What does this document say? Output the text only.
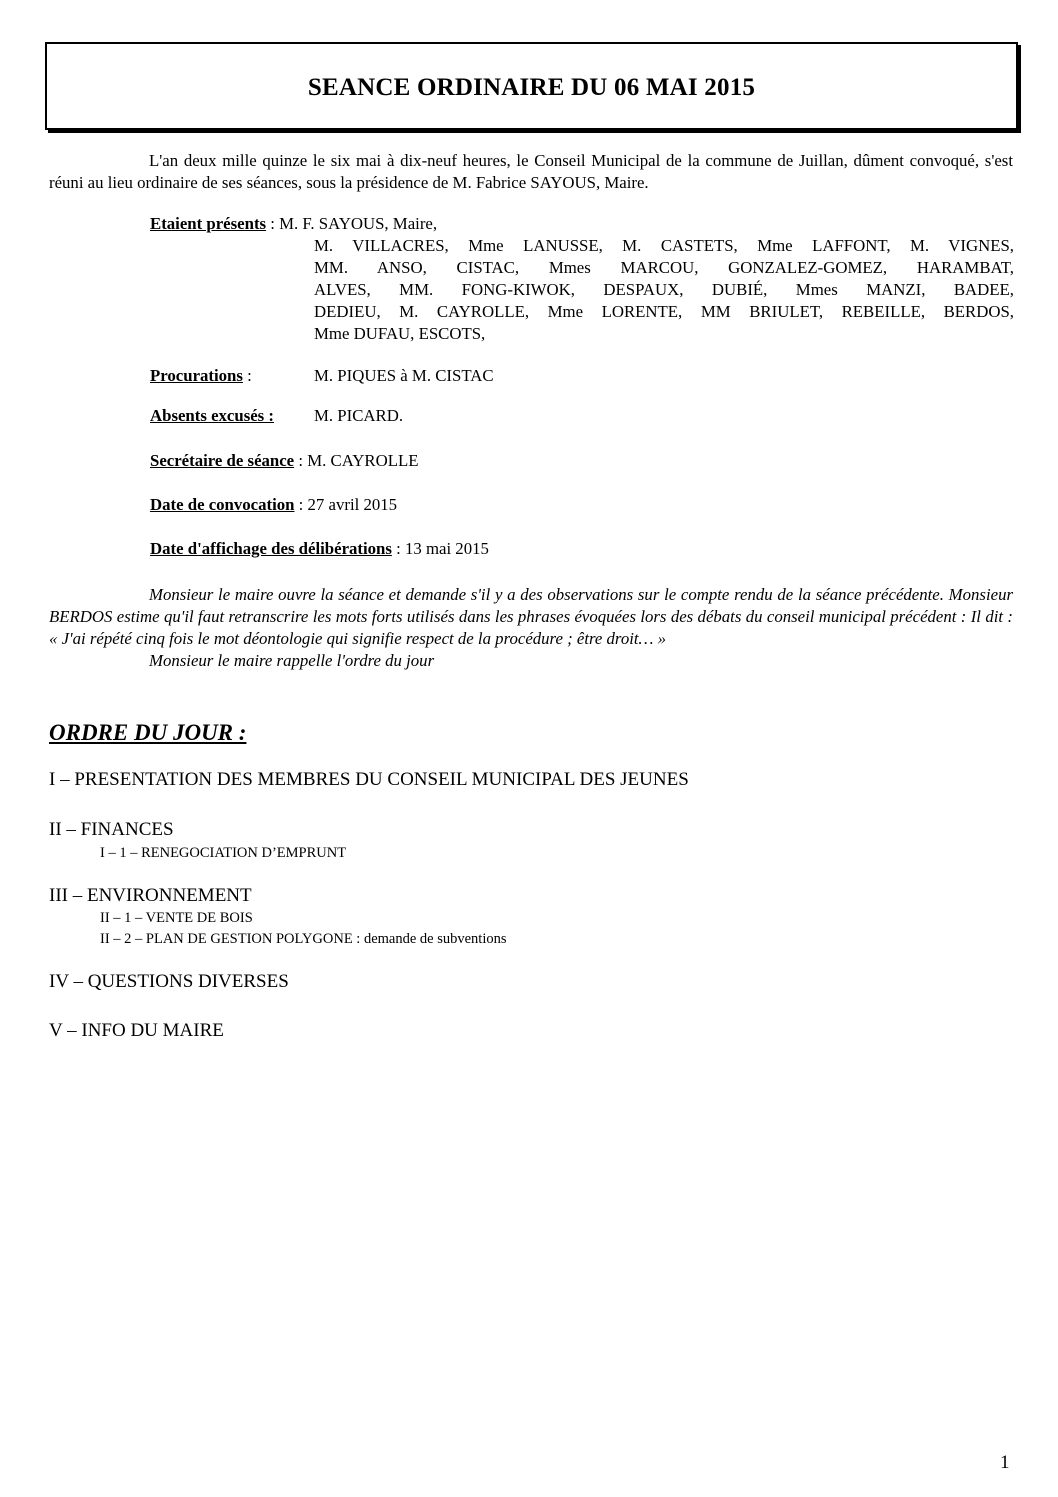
SEANCE ORDINAIRE DU 06 MAI 2015
L'an deux mille quinze le six mai à dix-neuf heures, le Conseil Municipal de la commune de Juillan, dûment convoqué, s'est réuni au lieu ordinaire de ses séances, sous la présidence de M. Fabrice SAYOUS, Maire.
Etaient présents : M. F. SAYOUS, Maire,
M. VILLACRES, Mme LANUSSE, M. CASTETS, Mme LAFFONT, M. VIGNES,
MM. ANSO, CISTAC, Mmes MARCOU, GONZALEZ-GOMEZ, HARAMBAT,
ALVES, MM. FONG-KIWOK, DESPAUX, DUBIÉ, Mmes MANZI, BADEE,
DEDIEU, M. CAYROLLE, Mme LORENTE, MM BRIULET, REBEILLE, BERDOS,
Mme DUFAU, ESCOTS,
Procurations :	M. PIQUES à M. CISTAC
Absents excusés : M. PICARD.
Secrétaire de séance : M. CAYROLLE
Date de convocation : 27 avril 2015
Date d'affichage des délibérations : 13 mai 2015
Monsieur le maire ouvre la séance et demande s'il y a des observations sur le compte rendu de la séance précédente. Monsieur BERDOS estime qu'il faut retranscrire les mots forts utilisés dans les phrases évoquées lors des débats du conseil municipal précédent : Il dit : « J'ai répété cinq fois le mot déontologie qui signifie respect de la procédure ; être droit… »
Monsieur le maire rappelle l'ordre du jour
ORDRE DU JOUR :
I – PRESENTATION DES MEMBRES DU CONSEIL MUNICIPAL DES JEUNES
II – FINANCES
I – 1 – RENEGOCIATION D’EMPRUNT
III – ENVIRONNEMENT
II – 1 – VENTE DE BOIS
II – 2 – PLAN DE GESTION POLYGONE : demande de subventions
IV – QUESTIONS DIVERSES
V – INFO DU MAIRE
1
